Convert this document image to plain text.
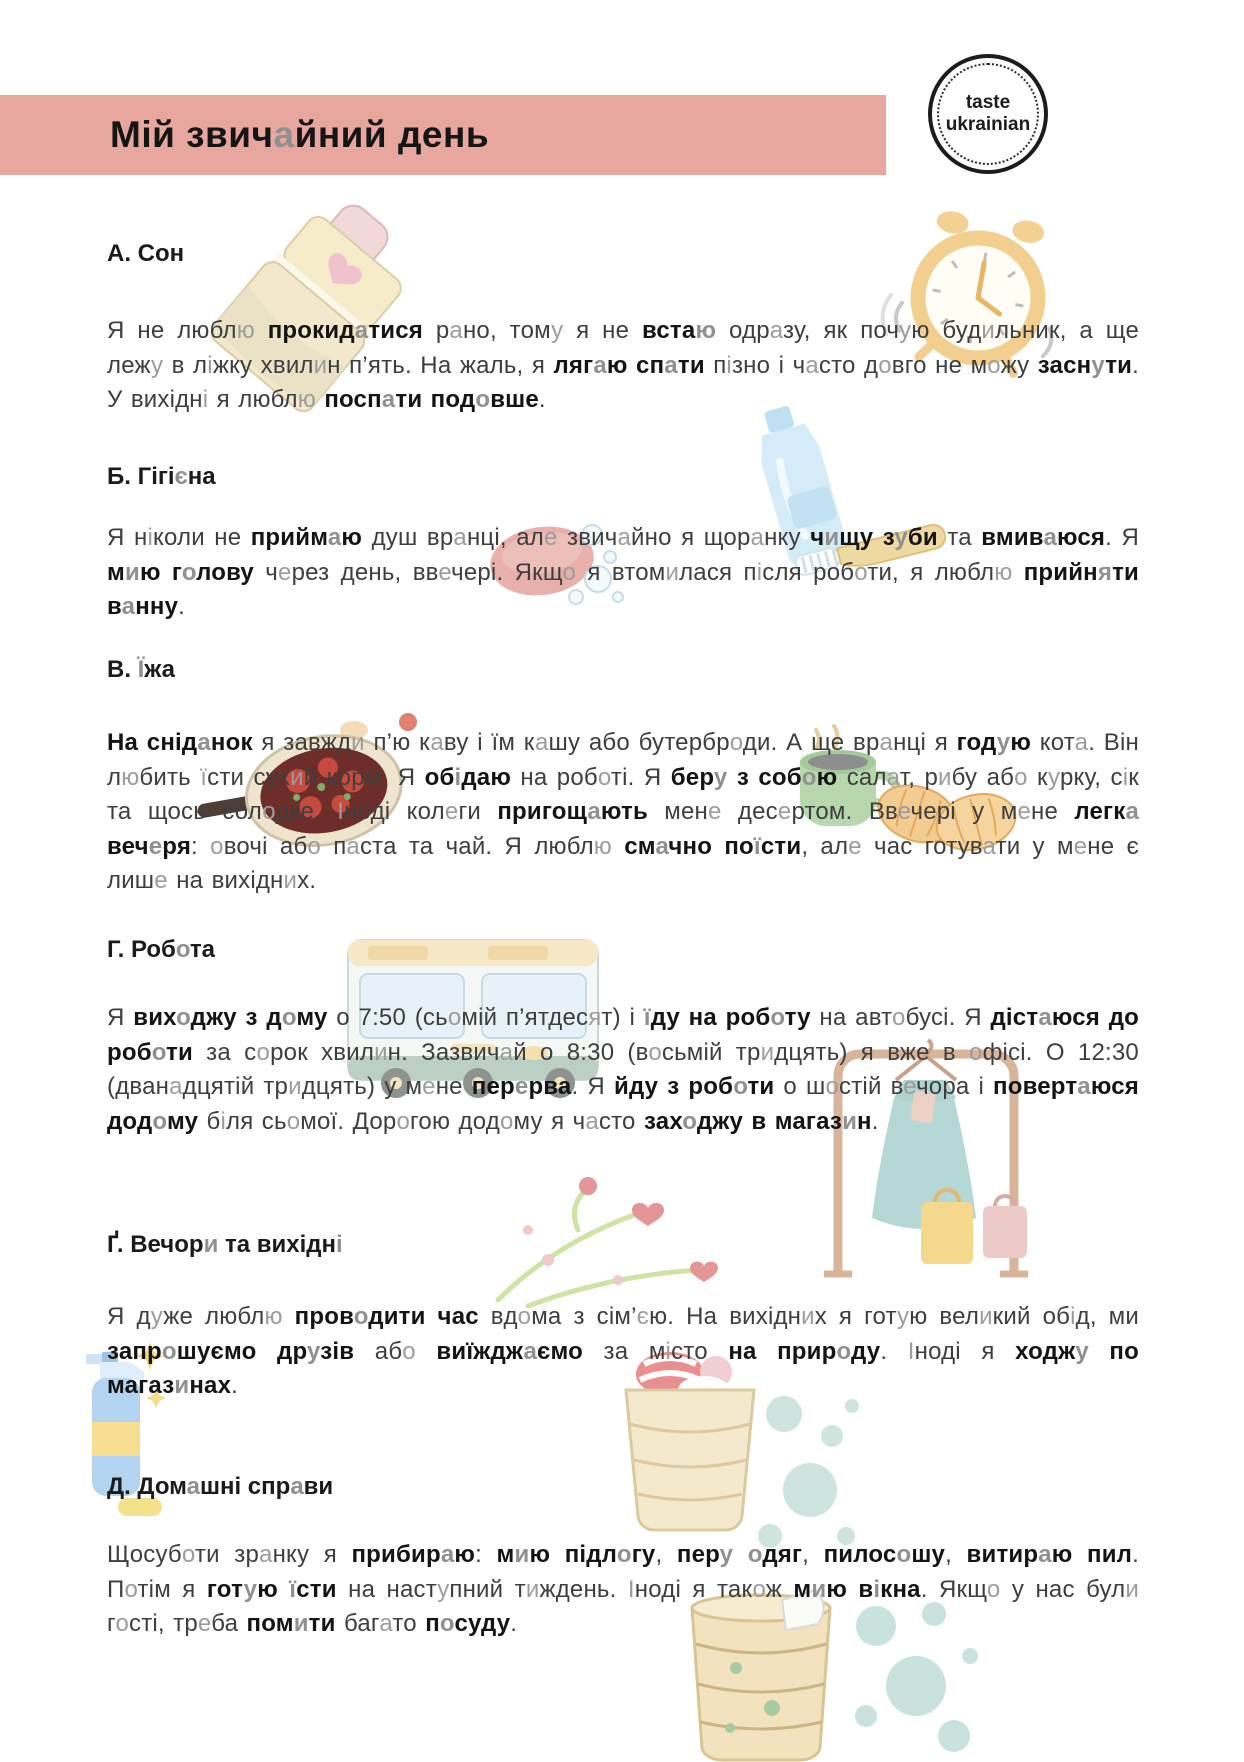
Мій звич а йний день
taste
ukrainian
А. Сон
Я не люблю прокидатися рано, тому я не встаю одразу, як почую будильник, а ще лежу в ліжку хвилин п’ять. На жаль, я лягаю спати пізно і часто довго не можу заснути. У вихідні я люблю поспати подовше.
Б. Гігієна
Я ніколи не приймаю душ вранці, але звичайно я щоранку чищу зуби та вмиваюся. Я мию голову через день, ввечері. Якщо я втомилася після роботи, я люблю прийняти ванну.
В. Їжа
На сніданок я завжди п’ю каву і їм кашу або бутерброди. А ще вранці я годую кота. Він любить їсти сухий корм. Я обідаю на роботі. Я беру з собою салат, рибу або курку, сік та щось солодке. Іноді колеги пригощають мене десертом. Ввечері у мене легка вечеря: овочі або паста та чай. Я люблю смачно поїсти, але час готувати у мене є лише на вихідних.
Г. Робота
Я виходжу з дому о 7:50 (сьомій п’ятдесят) і їду на роботу на автобусі. Я дістаюся до роботи за сорок хвилин. Зазвичай о 8:30 (восьмій тридцять) я вже в офісі. О 12:30 (дванадцятій тридцять) у мене перерва. Я йду з роботи о шостій вечора і повертаюся додому біля сьомої. Дорогою додому я часто заходжу в магазин.
Ґ. Вечори та вихідні
Я дуже люблю проводити час вдома з сім’єю. На вихідних я готую великий обід, ми запрошуємо друзів або виїжджаємо за місто на природу. Іноді я ходжу по магазинах.
Д. Домашні справи
Щосуботи зранку я прибираю: мию підлогу, перу одяг, пилосошу, витираю пил. Потім я готую їсти на наступний тиждень. Іноді я також мию вікна. Якщо у нас були гості, треба помити багато посуду.
